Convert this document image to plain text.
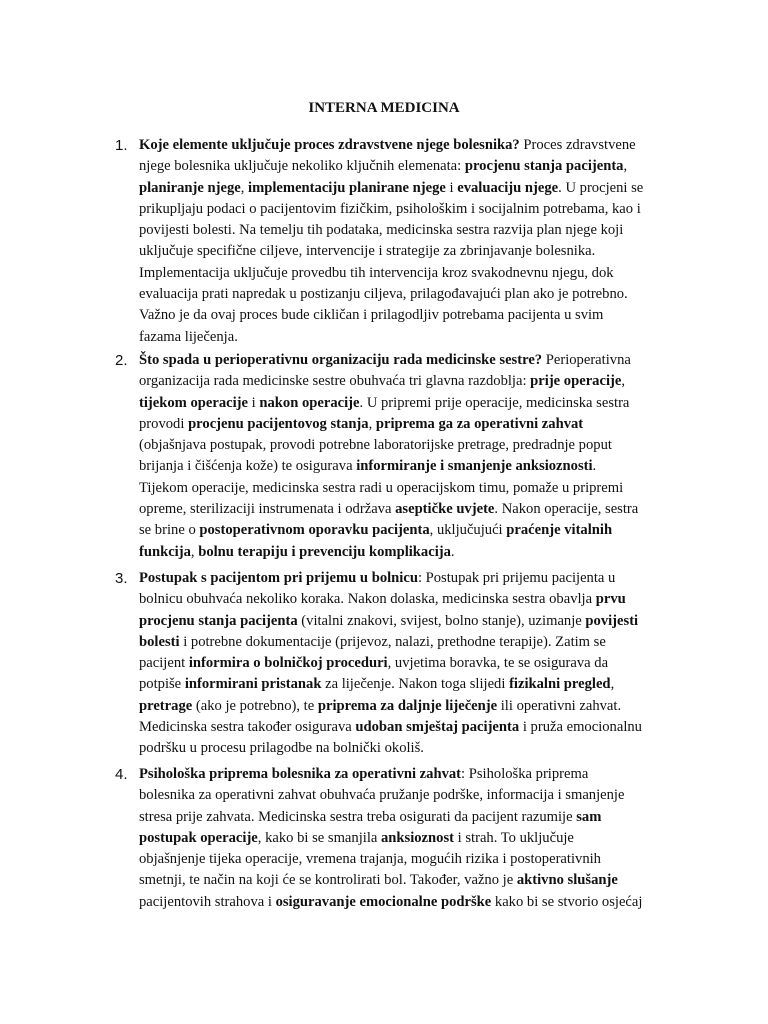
INTERNA MEDICINA
1. Koje elemente uključuje proces zdravstvene njege bolesnika? Proces zdravstvene
njege bolesnika uključuje nekoliko ključnih elemenata: procjenu stanja pacijenta,
planiranje njege, implementaciju planirane njege i evaluaciju njege. U procjeni se
prikupljaju podaci o pacijentovim fizičkim, psihološkim i socijalnim potrebama, kao i
povijesti bolesti. Na temelju tih podataka, medicinska sestra razvija plan njege koji
uključuje specifične ciljeve, intervencije i strategije za zbrinjavanje bolesnika.
Implementacija uključuje provedbu tih intervencija kroz svakodnevnu njegu, dok
evaluacija prati napredak u postizanju ciljeva, prilagođavajući plan ako je potrebno.
Važno je da ovaj proces bude cikličan i prilagodljiv potrebama pacijenta u svim
fazama liječenja.
2. Što spada u perioperativnu organizaciju rada medicinske sestre? Perioperativna
organizacija rada medicinske sestre obuhvaća tri glavna razdoblja: prije operacije,
tijekom operacije i nakon operacije. U pripremi prije operacije, medicinska sestra
provodi procjenu pacijentovog stanja, priprema ga za operativni zahvat
(objašnjava postupak, provodi potrebne laboratorijske pretrage, predradnje poput
brijanja i čišćenja kože) te osigurava informiranje i smanjenje anksioznosti.
Tijekom operacije, medicinska sestra radi u operacijskom timu, pomaže u pripremi
opreme, sterilizaciji instrumenata i održava aseptičke uvjete. Nakon operacije, sestra
se brine o postoperativnom oporavku pacijenta, uključujući praćenje vitalnih
funkcija, bolnu terapiju i prevenciju komplikacija.
3. Postupak s pacijentom pri prijemu u bolnicu: Postupak pri prijemu pacijenta u
bolnicu obuhvaća nekoliko koraka. Nakon dolaska, medicinska sestra obavlja prvu
procjenu stanja pacijenta (vitalni znakovi, svijest, bolno stanje), uzimanje povijesti
bolesti i potrebne dokumentacije (prijevoz, nalazi, prethodne terapije). Zatim se
pacijent informira o bolničkoj proceduri, uvjetima boravka, te se osigurava da
potpiše informirani pristanak za liječenje. Nakon toga slijedi fizikalni pregled,
pretrage (ako je potrebno), te priprema za daljnje liječenje ili operativni zahvat.
Medicinska sestra također osigurava udoban smještaj pacijenta i pruža emocionalnu
podršku u procesu prilagodbe na bolnički okoliš.
4. Psihološka priprema bolesnika za operativni zahvat: Psihološka priprema
bolesnika za operativni zahvat obuhvaća pružanje podrške, informacija i smanjenje
stresa prije zahvata. Medicinska sestra treba osigurati da pacijent razumije sam
postupak operacije, kako bi se smanjila anksioznost i strah. To uključuje
objašnjenje tijeka operacije, vremena trajanja, mogućih rizika i postoperativnih
smetnji, te način na koji će se kontrolirati bol. Također, važno je aktivno slušanje
pacijentovih strahova i osiguravanje emocionalne podrške kako bi se stvorio osjećaj
